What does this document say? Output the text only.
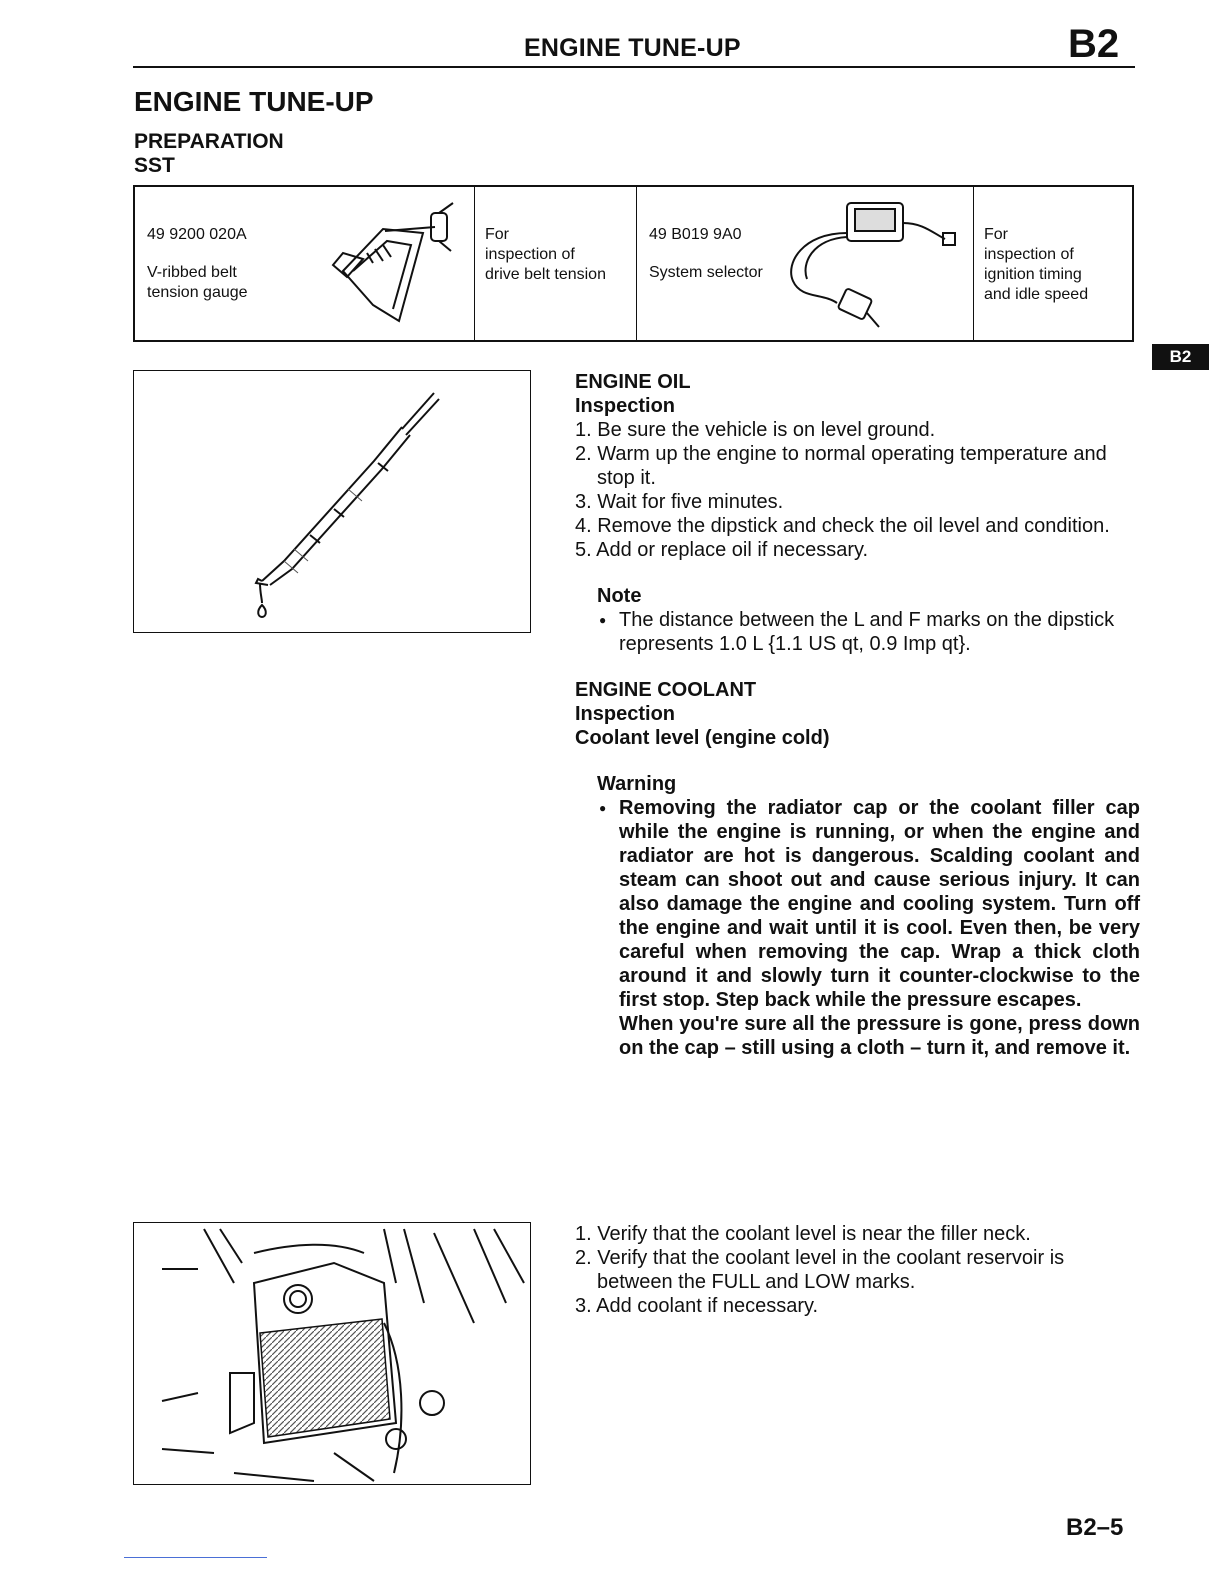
ENGINE TUNE-UP	B2
ENGINE TUNE-UP
PREPARATION
SST
49 9200 020A
V-ribbed belt
tension gauge
For
inspection of
drive belt tension
49 B019 9A0
System selector
For
inspection of
ignition timing
and idle speed
B2
ENGINE OIL
Inspection
1. Be sure the vehicle is on level ground.
2. Warm up the engine to normal operating temperature and stop it.
3. Wait for five minutes.
4. Remove the dipstick and check the oil level and condition.
5. Add or replace oil if necessary.
Note
● The distance between the L and F marks on the dipstick represents 1.0 L {1.1 US qt, 0.9 Imp qt}.
ENGINE COOLANT
Inspection
Coolant level (engine cold)
Warning
● Removing the radiator cap or the coolant filler cap while the engine is running, or when the engine and radiator are hot is dangerous. Scalding coolant and steam can shoot out and cause serious injury. It can also damage the engine and cooling system. Turn off the engine and wait until it is cool. Even then, be very careful when removing the cap. Wrap a thick cloth around it and slowly turn it counter-clockwise to the first stop. Step back while the pressure escapes.
When you're sure all the pressure is gone, press down on the cap – still using a cloth – turn it, and remove it.
1. Verify that the coolant level is near the filler neck.
2. Verify that the coolant level in the coolant reservoir is between the FULL and LOW marks.
3. Add coolant if necessary.
B2–5
